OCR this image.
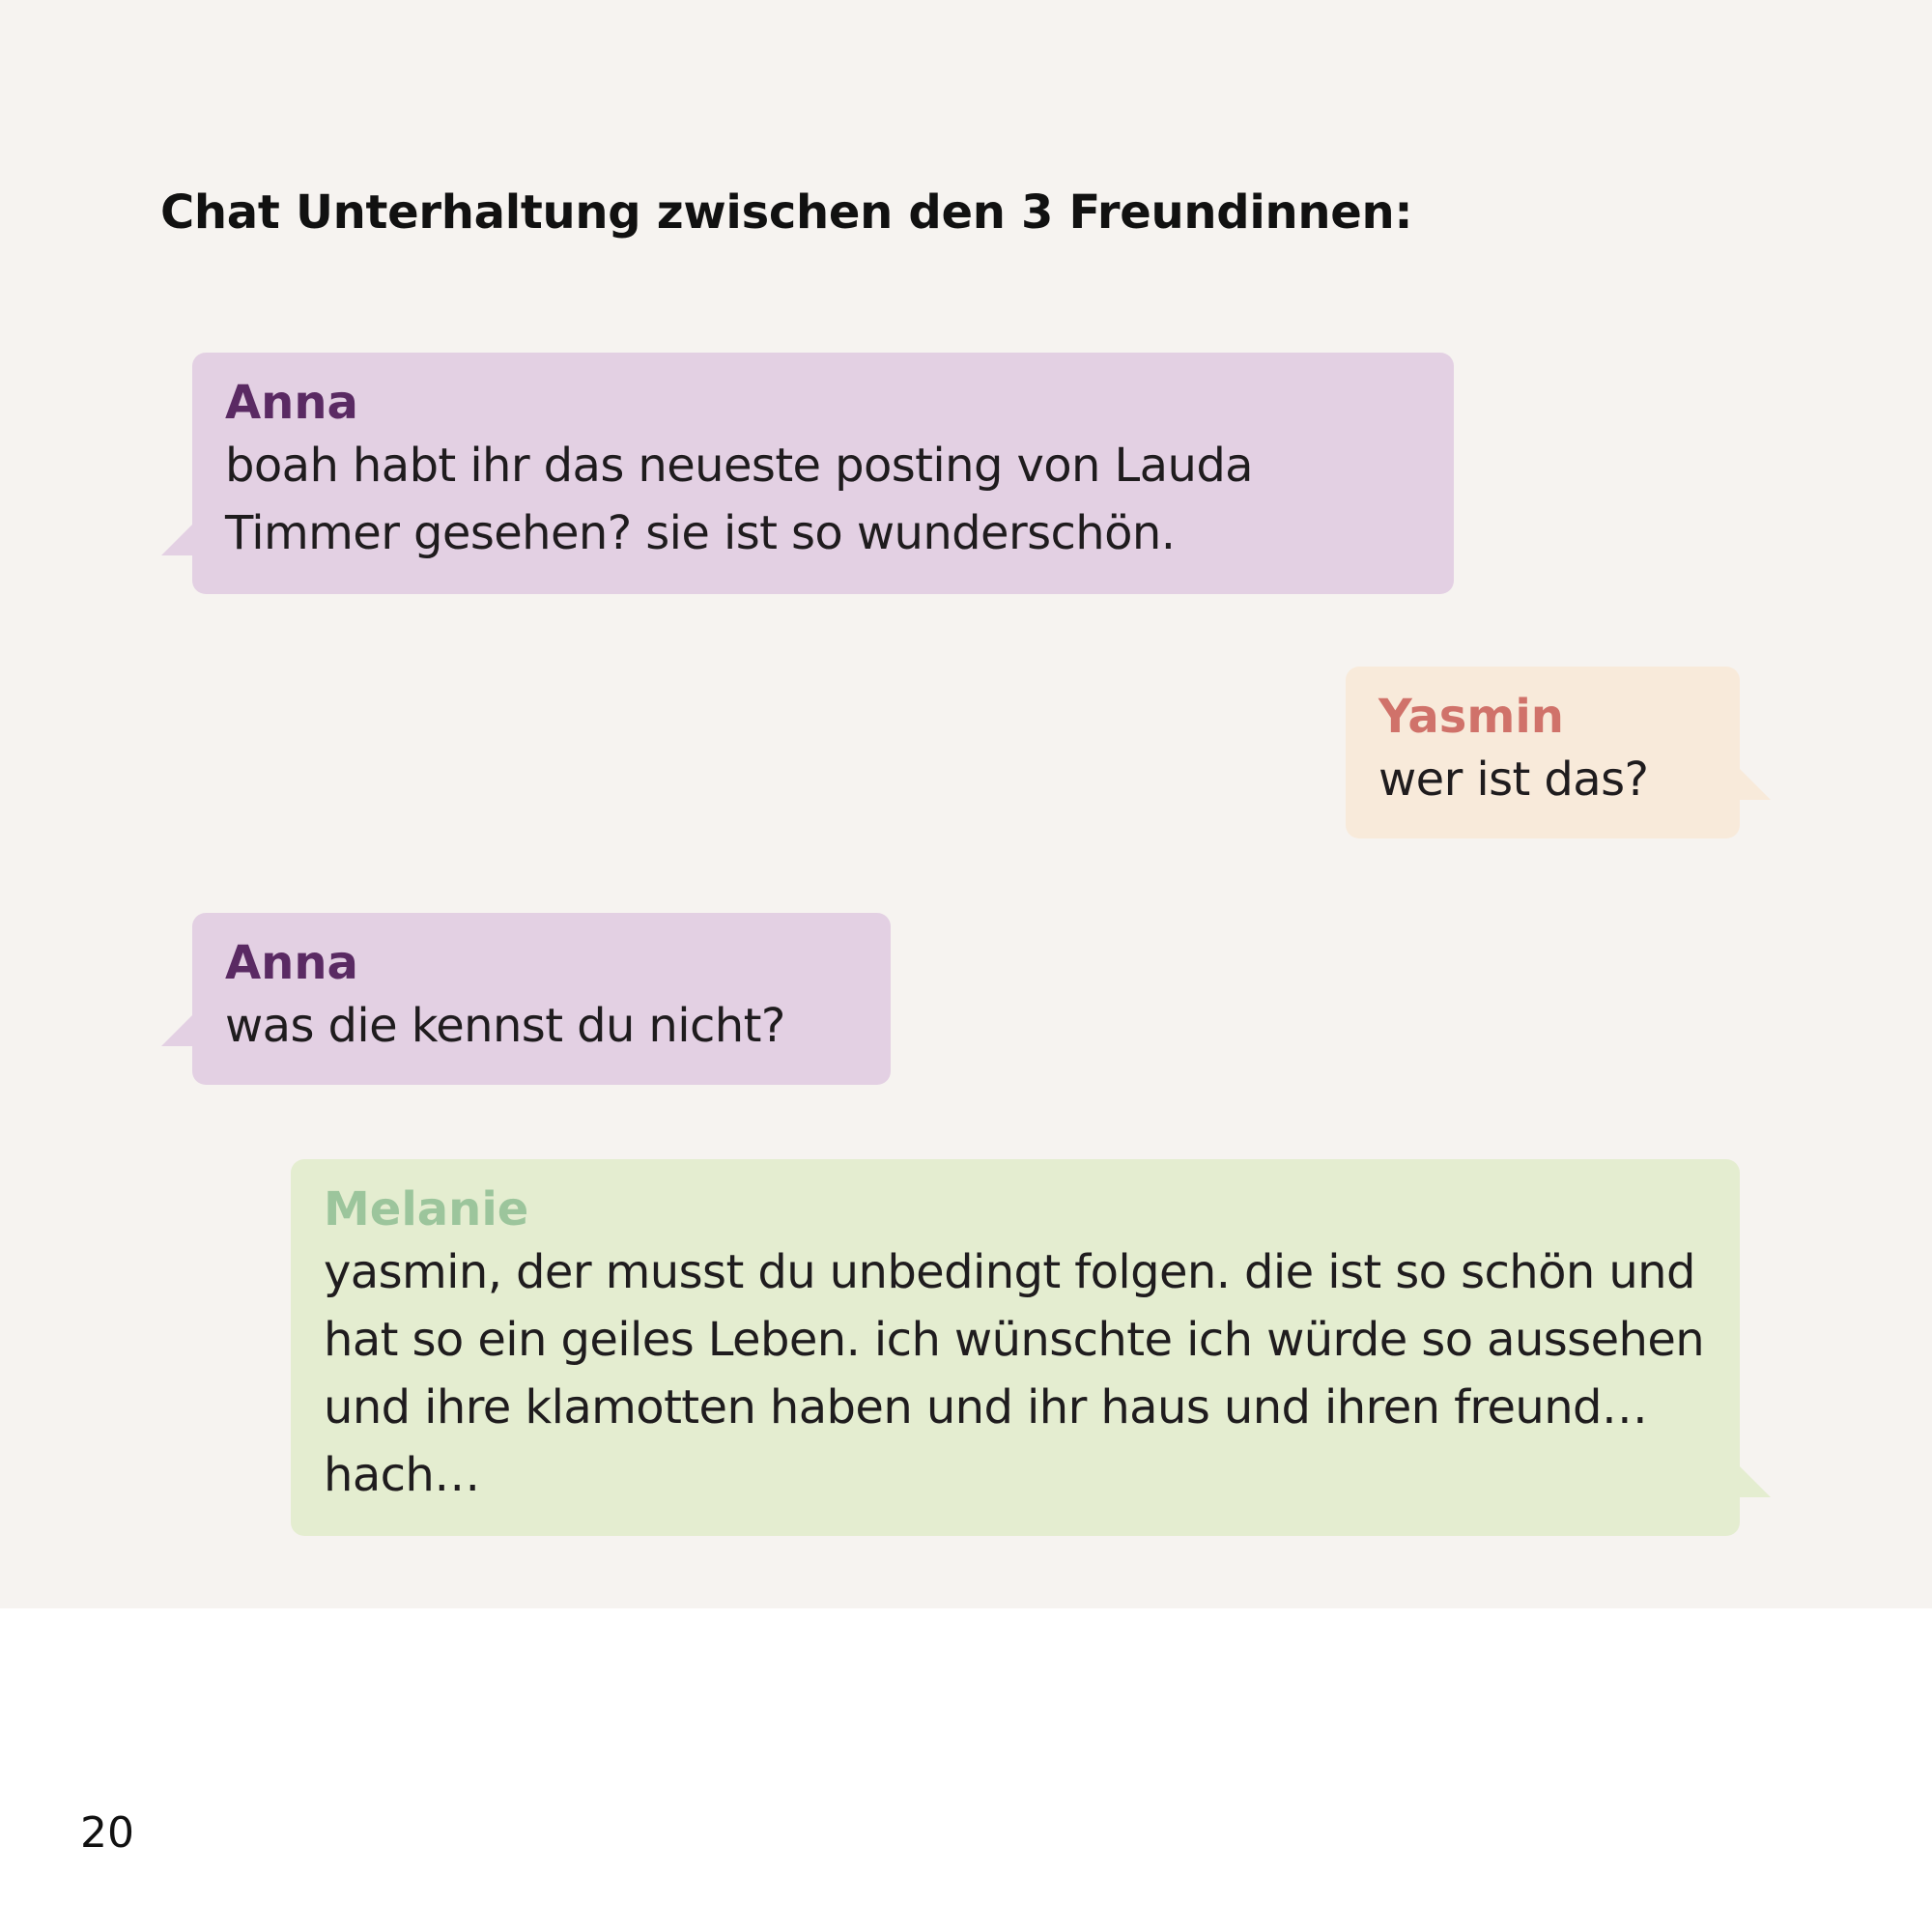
Chat Unterhaltung zwischen den 3 Freundinnen:
Anna
boah habt ihr das neueste posting von Lauda Timmer gesehen? sie ist so wunderschön.
Yasmin
wer ist das?
Anna
was die kennst du nicht?
Melanie
yasmin, der musst du unbedingt folgen. die ist so schön und hat so ein geiles Leben. ich wünschte ich würde so aussehen und ihre klamotten haben und ihr haus und ihren freund… hach…
20
